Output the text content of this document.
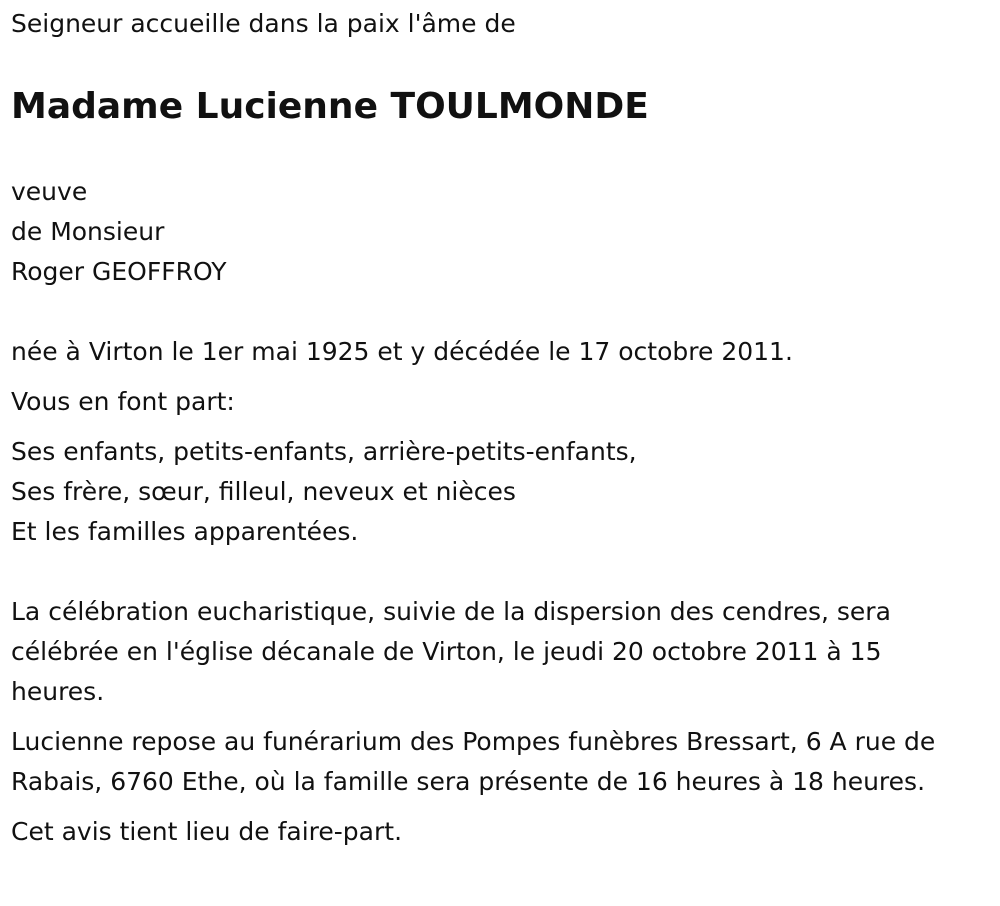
Seigneur accueille dans la paix l'âme de

Madame Lucienne TOULMONDE

veuve

de Monsieur

Roger GEOFFROY

née à Virton le 1er mai 1925 et y décédée le 17 octobre 2011.

Vous en font part:

Ses enfants, petits-enfants, arrière-petits-enfants,

Ses frère, sœur, filleul, neveux et nièces

Et les familles apparentées.

La célébration eucharistique, suivie de la dispersion des cendres, sera célébrée en l'église décanale de Virton, le jeudi 20 octobre 2011 à 15 heures.

Lucienne repose au funérarium des Pompes funèbres Bressart, 6 A rue de Rabais, 6760 Ethe, où la famille sera présente de 16 heures à 18 heures.

Cet avis tient lieu de faire-part.
